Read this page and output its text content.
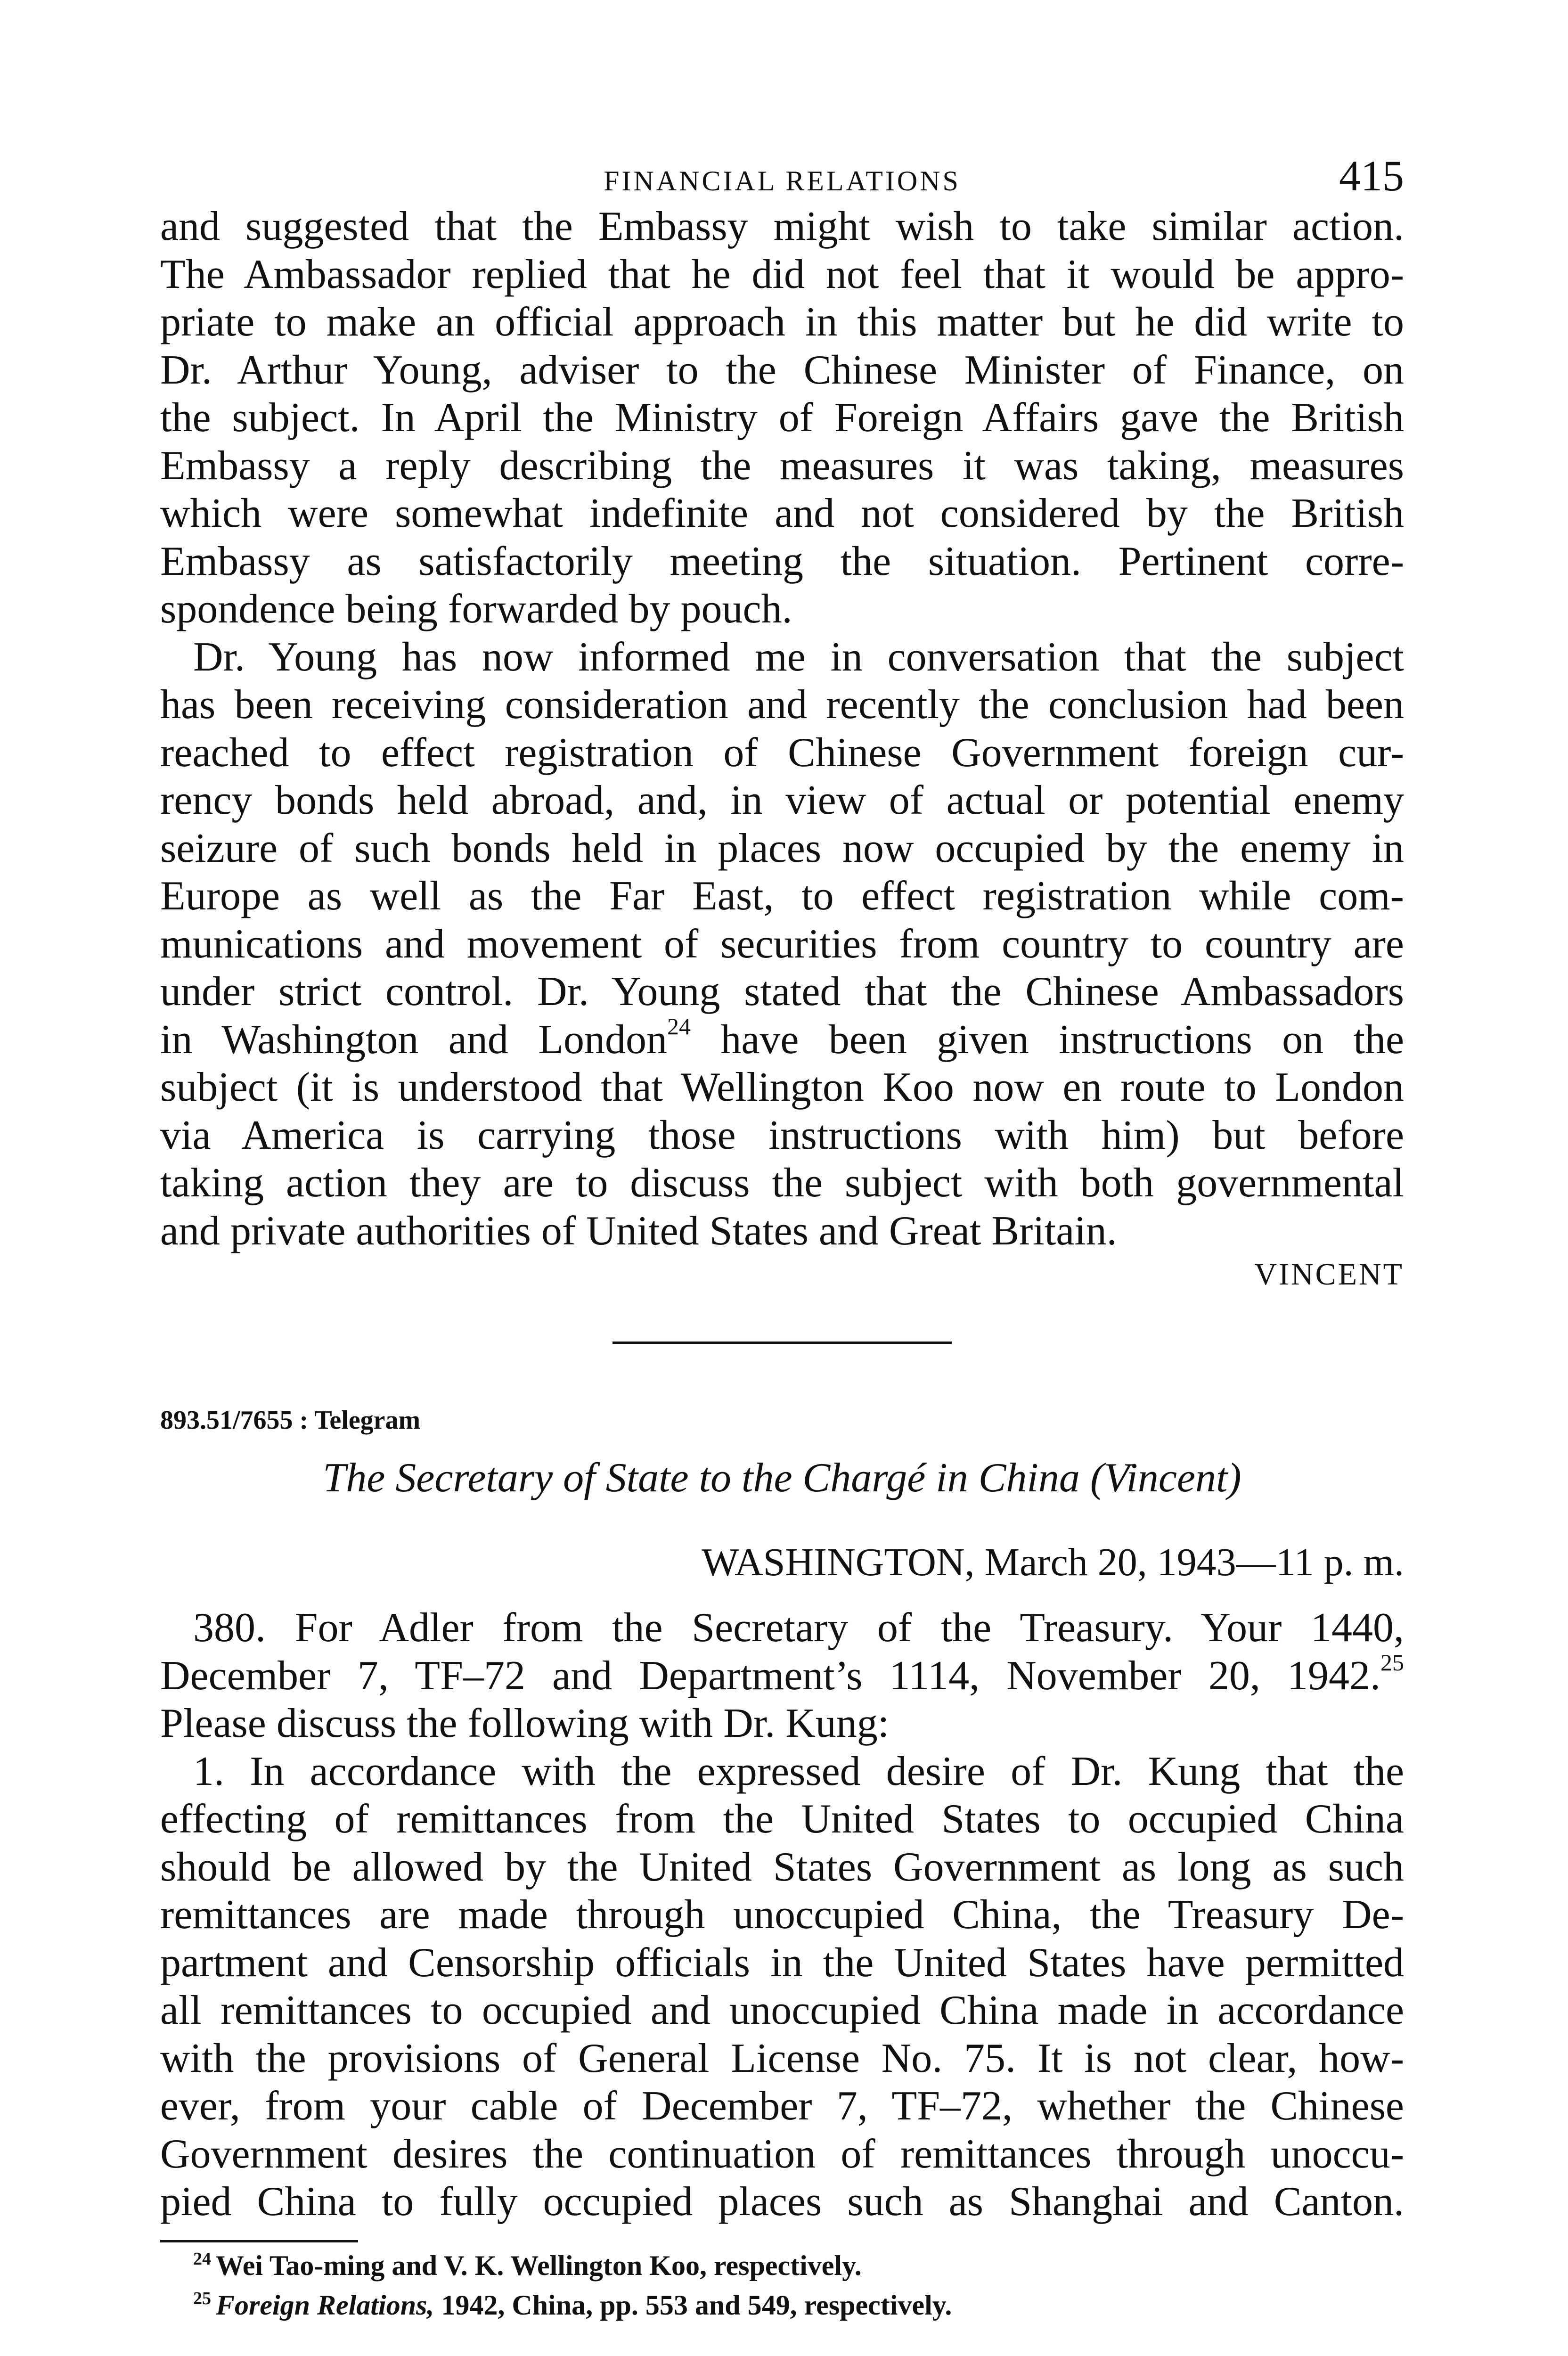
FINANCIAL RELATIONS	415

and suggested that the Embassy might wish to take similar action.

The Ambassador replied that he did not feel that it would be appro-

priate to make an official approach in this matter but he did write to

Dr. Arthur Young, adviser to the Chinese Minister of Finance, on

the subject. In April the Ministry of Foreign Affairs gave the British

Embassy a reply describing the measures it was taking, measures

which were somewhat indefinite and not considered by the British

Embassy as satisfactorily meeting the situation. Pertinent corre-

spondence being forwarded by pouch.

Dr. Young has now informed me in conversation that the subject

has been receiving consideration and recently the conclusion had been

reached to effect registration of Chinese Government foreign cur-

rency bonds held abroad, and, in view of actual or potential enemy

seizure of such bonds held in places now occupied by the enemy in

Europe as well as the Far East, to effect registration while com-

munications and movement of securities from country to country are

under strict control. Dr. Young stated that the Chinese Ambassadors

in Washington and London$^{24}$ have been given instructions on the

subject (it is understood that Wellington Koo now en route to London

via America is carrying those instructions with him) but before

taking action they are to discuss the subject with both governmental

and private authorities of United States and Great Britain.

VINCENT
893.51/7655 : Telegram
The Secretary of State to the Chargé in China (Vincent)
WASHINGTON, March 20, 1943—11 p. m.

380. For Adler from the Secretary of the Treasury. Your 1440,

December 7, TF–72 and Department’s 1114, November 20, 1942.25

Please discuss the following with Dr. Kung:

1. In accordance with the expressed desire of Dr. Kung that the

effecting of remittances from the United States to occupied China

should be allowed by the United States Government as long as such

remittances are made through unoccupied China, the Treasury De-

partment and Censorship officials in the United States have permitted

all remittances to occupied and unoccupied China made in accordance

with the provisions of General License No. 75. It is not clear, how-

ever, from your cable of December 7, TF–72, whether the Chinese

Government desires the continuation of remittances through unoccu-

pied China to fully occupied places such as Shanghai and Canton.

$^{24}$ Wei Tao-ming and V. K. Wellington Koo, respectively.
$^{25}$ Foreign Relations, 1942, China, pp. 553 and 549, respectively.
